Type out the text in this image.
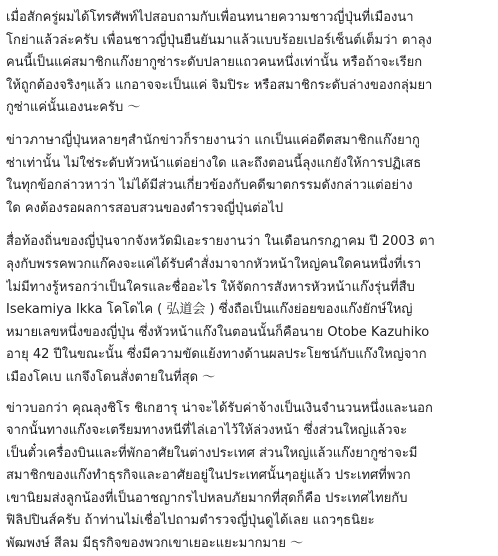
เมื่อสักครู่ผมได้โทรศัพท์ไปสอบถามกับเพื่อนทนายความชาวญี่ปุ่นที่เมืองนา
โกย่าแล้วล่ะครับ เพื่อนชาวญี่ปุ่นยืนยันมาแล้วแบบร้อยเปอร์เซ็นต์เต็มว่า ตาลุง
คนนี้เป็นแค่สมาชิกแก๊งยากูซ่าระดับปลายแถวคนหนึ่งเท่านั้น หรือถ้าจะเรียก
ให้ถูกต้องจริงๆแล้ว แกอาจจะเป็นแค่ จิมปิระ หรือสมาชิกระดับล่างของกลุ่มยา
กูซ่าแค่นั้นเองนะครับ 〜

ข่าวภาษาญี่ปุ่นหลายๆสำนักข่าวก็รายงานว่า แกเป็นแค่อดีตสมาชิกแก๊งยากู
ซ่าเท่านั้น ไม่ใช่ระดับหัวหน้าแต่อย่างใด และถึงตอนนี้ลุงแกยังให้การปฏิเสธ
ในทุกข้อกล่าวหาว่า ไม่ได้มีส่วนเกี่ยวข้องกับคดีฆาตกรรมดังกล่าวแต่อย่าง
ใด คงต้องรอผลการสอบสวนของตำรวจญี่ปุ่นต่อไป

สื่อท้องถิ่นของญี่ปุ่นจากจังหวัดมิเอะรายงานว่า ในเดือนกรกฎาคม ปี 2003 ตา
ลุงกับพรรคพวกแก๊คงจะแค่ได้รับคำสั่งมาจากหัวหน้าใหญ่คนใดคนหนึ่งที่เรา
ไม่มีทางรู้หรอกว่าเป็นใครและชื่ออะไร ให้จัดการสังหารหัวหน้าแก๊งรุ่นที่สืบ
Isekamiya Ikka โคโดไค ( 弘道会 ) ซึ่งถือเป็นแก๊งย่อยของแก๊งยักษ์ใหญ่
หมายเลขหนึ่งของญี่ปุ่น ซึ่งหัวหน้าแก๊งในตอนนั้นก็คือนาย Otobe Kazuhiko
อายุ 42 ปีในขณะนั้น ซึ่งมีความขัดแย้งทางด้านผลประโยชน์กับแก๊งใหญ่จาก
เมืองโคเบ แกจึงโดนสั่งตายในที่สุด 〜

ข่าวบอกว่า คุณลุงชิโร ชิเกฮารุ น่าจะได้รับค่าจ้างเป็นเงินจำนวนหนึ่งและนอก
จากนั้นทางแก๊งจะเตรียมทางหนีที่ไล่เอาไว้ให้ล่วงหน้า ซึ่งส่วนใหญ่แล้วจะ
เป็นตั๋วเครื่องบินและที่พักอาศัยในต่างประเทศ ส่วนใหญ่แล้วแก๊งยากูซ่าจะมี
สมาชิกของแก๊งทำธุรกิจและอาศัยอยู่ในประเทศนั้นๆอยู่แล้ว ประเทศที่พวก
เขานิยมส่งลูกน้องที่เป็นอาชญากรไปหลบภัยมากที่สุดก็คือ ประเทศไทยกับ
ฟิลิปปินส์ครับ ถ้าท่านไม่เชื่อไปถามตำรวจญี่ปุ่นดูได้เลย แถวๆธนิยะ
พัฒพงษ์ สีลม มีธุรกิจของพวกเขาเยอะแยะมากมาย 〜
